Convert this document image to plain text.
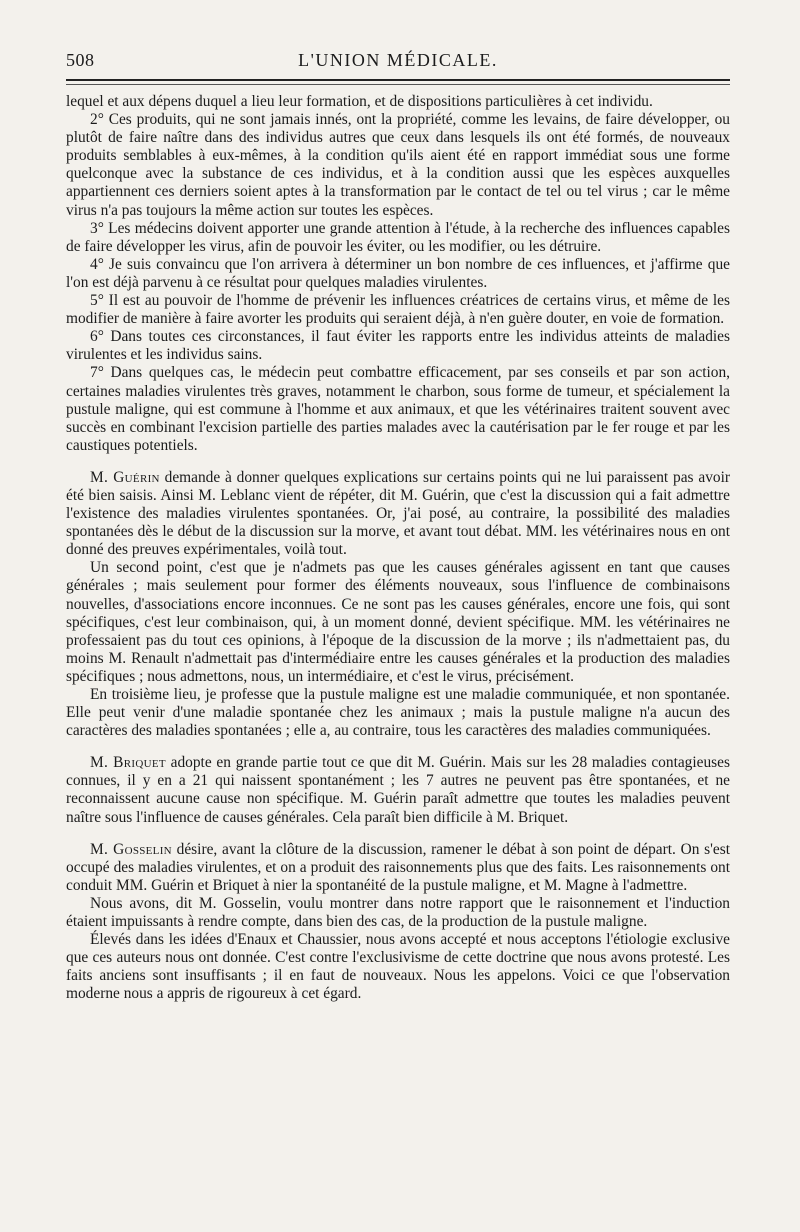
508	L'UNION MÉDICALE.

lequel et aux dépens duquel a lieu leur formation, et de dispositions particulières à cet individu.

2° Ces produits, qui ne sont jamais innés, ont la propriété, comme les levains, de faire développer, ou plutôt de faire naître dans des individus autres que ceux dans lesquels ils ont été formés, de nouveaux produits semblables à eux-mêmes, à la condition qu'ils aient été en rapport immédiat sous une forme quelconque avec la substance de ces individus, et à la condition aussi que les espèces auxquelles appartiennent ces derniers soient aptes à la transformation par le contact de tel ou tel virus ; car le même virus n'a pas toujours la même action sur toutes les espèces.

3° Les médecins doivent apporter une grande attention à l'étude, à la recherche des influences capables de faire développer les virus, afin de pouvoir les éviter, ou les modifier, ou les détruire.

4° Je suis convaincu que l'on arrivera à déterminer un bon nombre de ces influences, et j'affirme que l'on est déjà parvenu à ce résultat pour quelques maladies virulentes.

5° Il est au pouvoir de l'homme de prévenir les influences créatrices de certains virus, et même de les modifier de manière à faire avorter les produits qui seraient déjà, à n'en guère douter, en voie de formation.

6° Dans toutes ces circonstances, il faut éviter les rapports entre les individus atteints de maladies virulentes et les individus sains.

7° Dans quelques cas, le médecin peut combattre efficacement, par ses conseils et par son action, certaines maladies virulentes très graves, notamment le charbon, sous forme de tumeur, et spécialement la pustule maligne, qui est commune à l'homme et aux animaux, et que les vétérinaires traitent souvent avec succès en combinant l'excision partielle des parties malades avec la cautérisation par le fer rouge et par les caustiques potentiels.

M. Guérin demande à donner quelques explications sur certains points qui ne lui paraissent pas avoir été bien saisis. Ainsi M. Leblanc vient de répéter, dit M. Guérin, que c'est la discussion qui a fait admettre l'existence des maladies virulentes spontanées. Or, j'ai posé, au contraire, la possibilité des maladies spontanées dès le début de la discussion sur la morve, et avant tout débat. MM. les vétérinaires nous en ont donné des preuves expérimentales, voilà tout.

Un second point, c'est que je n'admets pas que les causes générales agissent en tant que causes générales ; mais seulement pour former des éléments nouveaux, sous l'influence de combinaisons nouvelles, d'associations encore inconnues. Ce ne sont pas les causes générales, encore une fois, qui sont spécifiques, c'est leur combinaison, qui, à un moment donné, devient spécifique. MM. les vétérinaires ne professaient pas du tout ces opinions, à l'époque de la discussion de la morve ; ils n'admettaient pas, du moins M. Renault n'admettait pas d'intermédiaire entre les causes générales et la production des maladies spécifiques ; nous admettons, nous, un intermédiaire, et c'est le virus, précisément.

En troisième lieu, je professe que la pustule maligne est une maladie communiquée, et non spontanée. Elle peut venir d'une maladie spontanée chez les animaux ; mais la pustule maligne n'a aucun des caractères des maladies spontanées ; elle a, au contraire, tous les caractères des maladies communiquées.

M. Briquet adopte en grande partie tout ce que dit M. Guérin. Mais sur les 28 maladies contagieuses connues, il y en a 21 qui naissent spontanément ; les 7 autres ne peuvent pas être spontanées, et ne reconnaissent aucune cause non spécifique. M. Guérin paraît admettre que toutes les maladies peuvent naître sous l'influence de causes générales. Cela paraît bien difficile à M. Briquet.

M. Gosselin désire, avant la clôture de la discussion, ramener le débat à son point de départ. On s'est occupé des maladies virulentes, et on a produit des raisonnements plus que des faits. Les raisonnements ont conduit MM. Guérin et Briquet à nier la spontanéité de la pustule maligne, et M. Magne à l'admettre.

Nous avons, dit M. Gosselin, voulu montrer dans notre rapport que le raisonnement et l'induction étaient impuissants à rendre compte, dans bien des cas, de la production de la pustule maligne.

Élevés dans les idées d'Enaux et Chaussier, nous avons accepté et nous acceptons l'étiologie exclusive que ces auteurs nous ont donnée. C'est contre l'exclusivisme de cette doctrine que nous avons protesté. Les faits anciens sont insuffisants ; il en faut de nouveaux. Nous les appelons. Voici ce que l'observation moderne nous a appris de rigoureux à cet égard.
